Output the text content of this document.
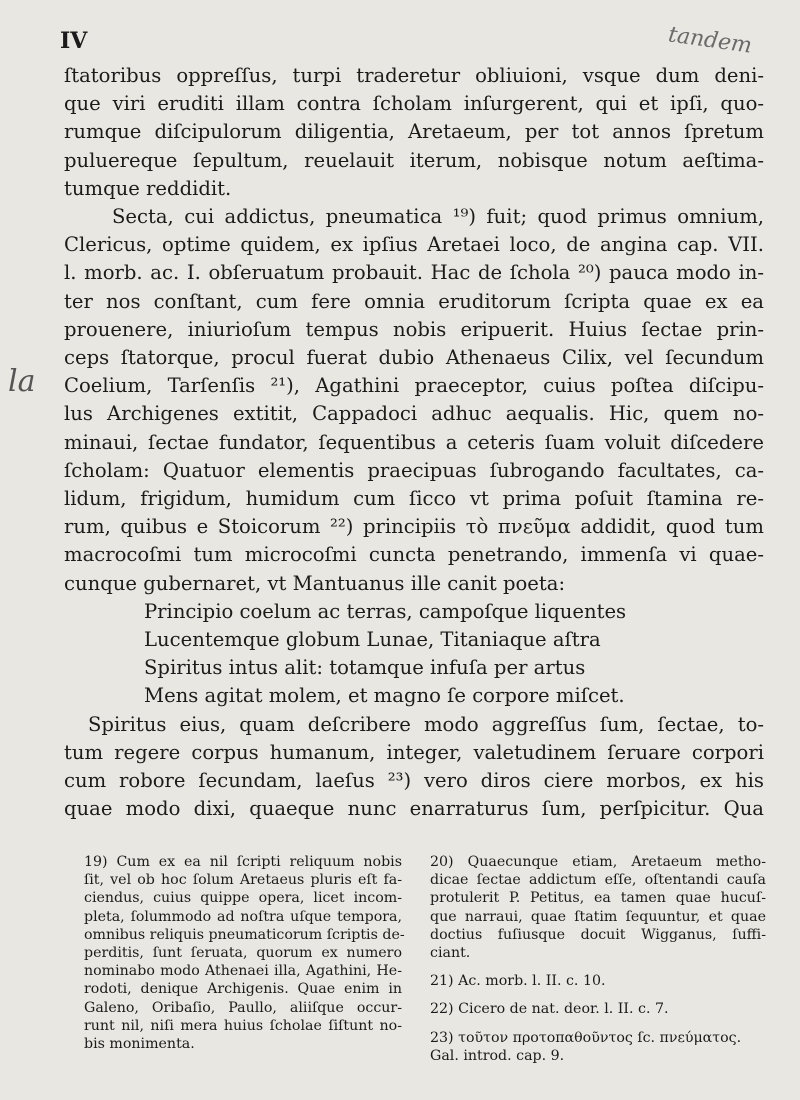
IV	tandem
la
ſtatoribus oppreſſus, turpi traderetur obliuioni, vsque dum deni-
que viri eruditi illam contra ſcholam inſurgerent, qui et ipſi, quo-
rumque diſcipulorum diligentia, Aretaeum, per tot annos ſpretum
puluereque ſepultum, reuelauit iterum, nobisque notum aeſtima-
tumque reddidit.
Secta, cui addictus, pneumatica ¹⁹) fuit; quod primus omnium,
Clericus, optime quidem, ex ipſius Aretaei loco, de angina cap. VII.
l. morb. ac. I. obſeruatum probauit. Hac de ſchola ²⁰) pauca modo in-
ter nos conſtant, cum fere omnia eruditorum ſcripta quae ex ea
prouenere, iniurioſum tempus nobis eripuerit. Huius ſectae prin-
ceps ſtatorque, procul fuerat dubio Athenaeus Cilix, vel ſecundum
Coelium, Tarſenſis ²¹), Agathini praeceptor, cuius poſtea diſcipu-
lus Archigenes extitit, Cappadoci adhuc aequalis. Hic, quem no-
minaui, ſectae fundator, ſequentibus a ceteris ſuam voluit diſcedere
ſcholam: Quatuor elementis praecipuas ſubrogando facultates, ca-
lidum, frigidum, humidum cum ſicco vt prima poſuit ſtamina re-
rum, quibus e Stoicorum ²²) principiis τὸ πνεῦμα addidit, quod tum
macrocoſmi tum microcoſmi cuncta penetrando, immenſa vi quae-
cunque gubernaret, vt Mantuanus ille canit poeta:
Principio coelum ac terras, campoſque liquentes
Lucentemque globum Lunae, Titaniaque aſtra
Spiritus intus alit: totamque infuſa per artus
Mens agitat molem, et magno ſe corpore miſcet.
Spiritus eius, quam deſcribere modo aggreſſus ſum, ſectae, to-
tum regere corpus humanum, integer, valetudinem ſeruare corpori
cum robore ſecundam, laeſus ²³) vero diros ciere morbos, ex his
quae modo dixi, quaeque nunc enarraturus ſum, perſpicitur. Qua
19) Cum ex ea nil ſcripti reliquum nobis
ſit, vel ob hoc ſolum Aretaeus pluris eſt fa-
ciendus, cuius quippe opera, licet incom-
pleta, ſolummodo ad noſtra uſque tempora,
omnibus reliquis pneumaticorum ſcriptis de-
perditis, ſunt ſeruata, quorum ex numero
nominabo modo Athenaei illa, Agathini, He-
rodoti, denique Archigenis. Quae enim in
Galeno, Oribaſio, Paullo, aliiſque occur-
runt nil, niſi mera huius ſcholae ſiſtunt no-
bis monimenta.
20) Quaecunque etiam, Aretaeum metho-
dicae ſectae addictum eſſe, oſtentandi cauſa
protulerit P. Petitus, ea tamen quae hucuſ-
que narraui, quae ſtatim ſequuntur, et quae
doctius fuſiusque docuit Wigganus, ſuffi-
ciant.
21) Ac. morb. l. II. c. 10.
22) Cicero de nat. deor. l. II. c. 7.
23) τοῦτον προτοπαθοῦντος ſc. πνεύματος.
Gal. introd. cap. 9.
